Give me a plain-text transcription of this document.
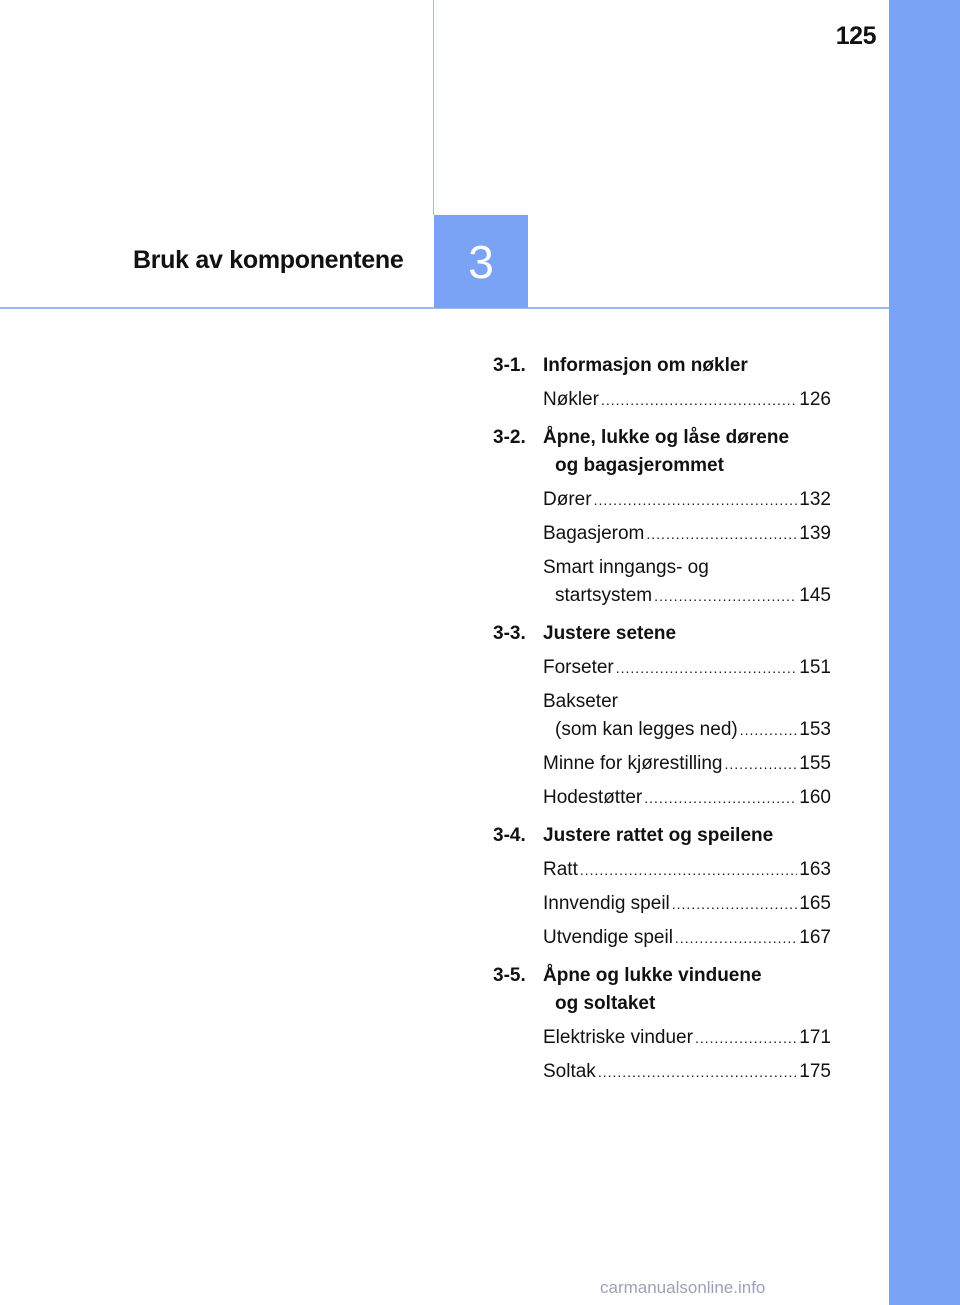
125
Bruk av komponentene 3
3-1. Informasjon om nøkler
Nøkler .....	126
3-2. Åpne, lukke og låse dørene
og bagasjerommet
Dører .....	132
Bagasjerom .....	139
Smart inngangs- og
startsystem .....	145
3-3. Justere setene
Forseter .....	151
Bakseter
(som kan legges ned) .....	153
Minne for kjørestilling .....	155
Hodestøtter .....	160
3-4. Justere rattet og speilene
Ratt .....	163
Innvendig speil .....	165
Utvendige speil .....	167
3-5. Åpne og lukke vinduene
og soltaket
Elektriske vinduer .....	171
Soltak .....	175
carmanualsonline.info
